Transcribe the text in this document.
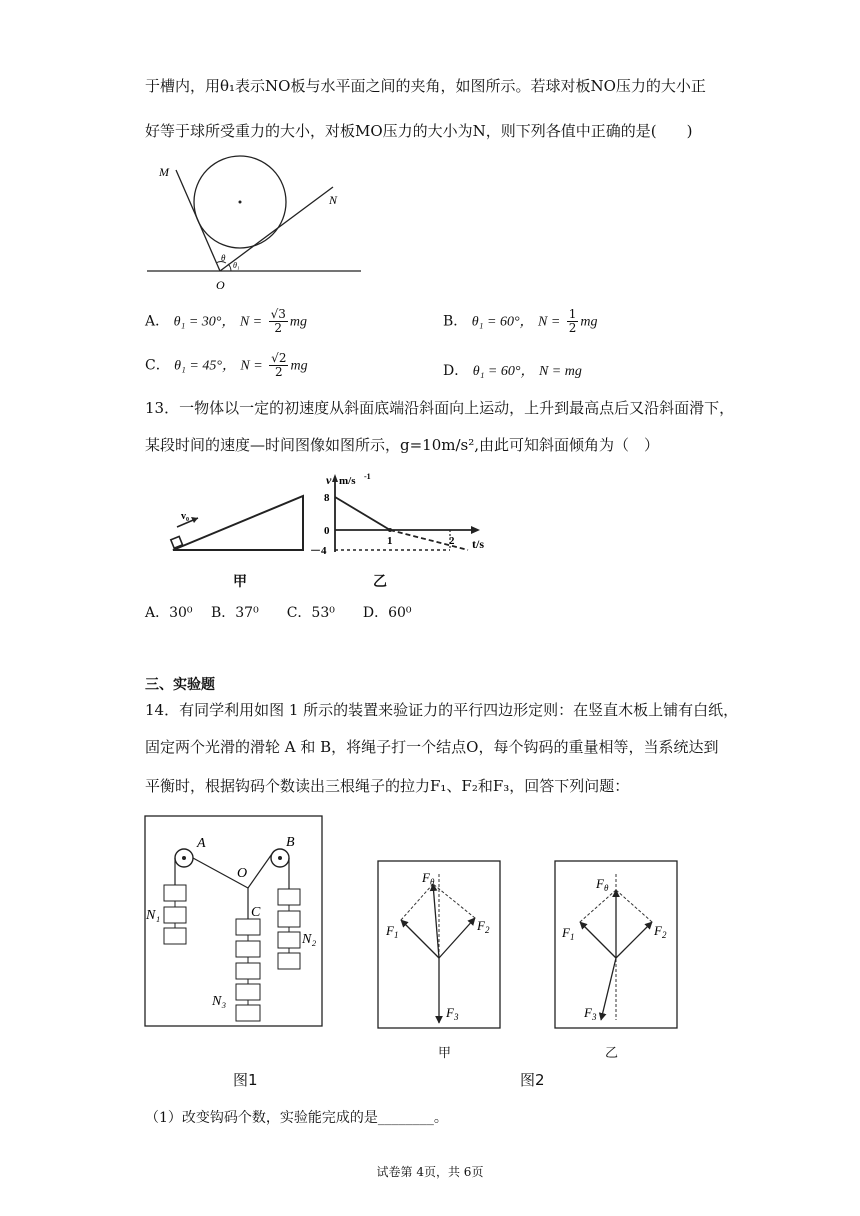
于槽内，用θ₁表示NO板与水平面之间的夹角，如图所示。若球对板NO压力的大小正
好等于球所受重力的大小，对板MO压力的大小为N，则下列各值中正确的是(　　)
M
N
O
θ
θ₁
A． θ₁ = 30°， $N = \frac{√3}{2}$ mg	B． θ₁ = 60°， $N = \frac{1}{2}$ mg
C． θ₁ = 45°， $N = \frac{√2}{2}$ mg	D． θ₁ = 60°， N = mg
13．一物体以一定的初速度从斜面底端沿斜面向上运动，上升到最高点后又沿斜面滑下，
某段时间的速度—时间图像如图所示，g=10m/s²,由此可知斜面倾角为（　）
v₀
甲
v m/s -1
8
0
－4
1	2 t/s
乙
A．30⁰　 B．37⁰　　C．53⁰　　D．60⁰
三、实验题
14．有同学利用如图 1 所示的装置来验证力的平行四边形定则：在竖直木板上铺有白纸，
固定两个光滑的滑轮 A 和 B，将绳子打一个结点O，每个钩码的重量相等，当系统达到
平衡时，根据钩码个数读出三根绳子的拉力F₁、F₂和F₃，回答下列问题：
A	B
O
C
N₁
N₂
N₃
图1
$F_\theta$
$F_1$
$F_2$
$F_3$
甲
$F_\theta$
$F_1$	$F_2$
$F_3$
乙
图2
（1）改变钩码个数，实验能完成的是________。
试卷第 4页，共 6页
